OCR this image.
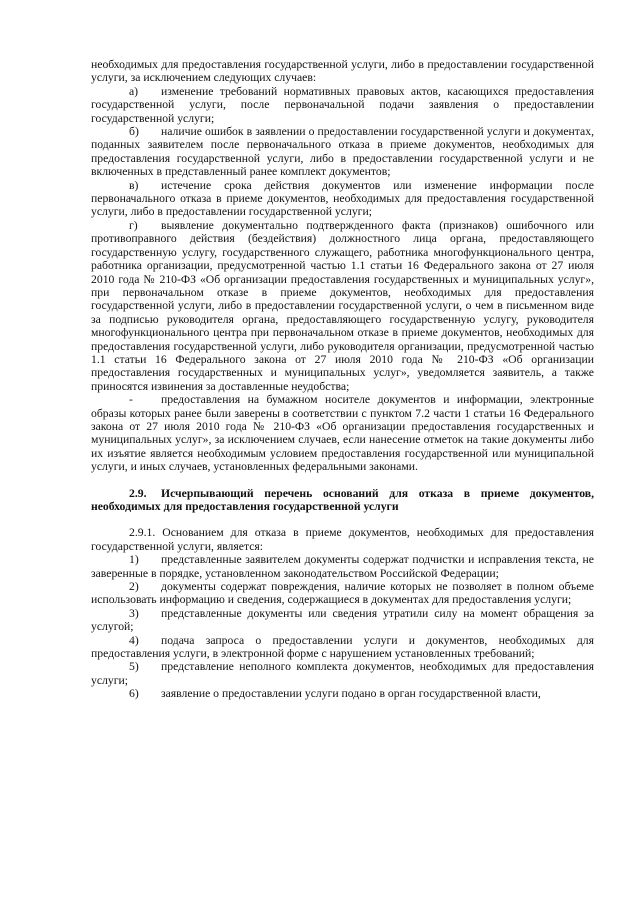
необходимых для предоставления государственной услуги, либо в предоставлении государственной услуги, за исключением следующих случаев:

а) изменение требований нормативных правовых актов, касающихся предоставления государственной услуги, после первоначальной подачи заявления о предоставлении государственной услуги;

б) наличие ошибок в заявлении о предоставлении государственной услуги и документах, поданных заявителем после первоначального отказа в приеме документов, необходимых для предоставления государственной услуги, либо в предоставлении государственной услуги и не включенных в представленный ранее комплект документов;

в) истечение срока действия документов или изменение информации после первоначального отказа в приеме документов, необходимых для предоставления государственной услуги, либо в предоставлении государственной услуги;

г) выявление документально подтвержденного факта (признаков) ошибочного или противоправного действия (бездействия) должностного лица органа, предоставляющего государственную услугу, государственного служащего, работника многофункционального центра, работника организации, предусмотренной частью 1.1 статьи 16 Федерального закона от 27 июля 2010 года № 210-ФЗ «Об организации предоставления государственных и муниципальных услуг», при первоначальном отказе в приеме документов, необходимых для предоставления государственной услуги, либо в предоставлении государственной услуги, о чем в письменном виде за подписью руководителя органа, предоставляющего государственную услугу, руководителя многофункционального центра при первоначальном отказе в приеме документов, необходимых для предоставления государственной услуги, либо руководителя организации, предусмотренной частью 1.1 статьи 16 Федерального закона от 27 июля 2010 года № 210-ФЗ «Об организации предоставления государственных и муниципальных услуг», уведомляется заявитель, а также приносятся извинения за доставленные неудобства;

- предоставления на бумажном носителе документов и информации, электронные образы которых ранее были заверены в соответствии с пунктом 7.2 части 1 статьи 16 Федерального закона от 27 июля 2010 года № 210-ФЗ «Об организации предоставления государственных и муниципальных услуг», за исключением случаев, если нанесение отметок на такие документы либо их изъятие является необходимым условием предоставления государственной или муниципальной услуги, и иных случаев, установленных федеральными законами.

2.9. Исчерпывающий перечень оснований для отказа в приеме документов, необходимых для предоставления государственной услуги

2.9.1. Основанием для отказа в приеме документов, необходимых для предоставления государственной услуги, является:

1) представленные заявителем документы содержат подчистки и исправления текста, не заверенные в порядке, установленном законодательством Российской Федерации;

2) документы содержат повреждения, наличие которых не позволяет в полном объеме использовать информацию и сведения, содержащиеся в документах для предоставления услуги;

3) представленные документы или сведения утратили силу на момент обращения за услугой;

4) подача запроса о предоставлении услуги и документов, необходимых для предоставления услуги, в электронной форме с нарушением установленных требований;

5) представление неполного комплекта документов, необходимых для предоставления услуги;

6) заявление о предоставлении услуги подано в орган государственной власти,
